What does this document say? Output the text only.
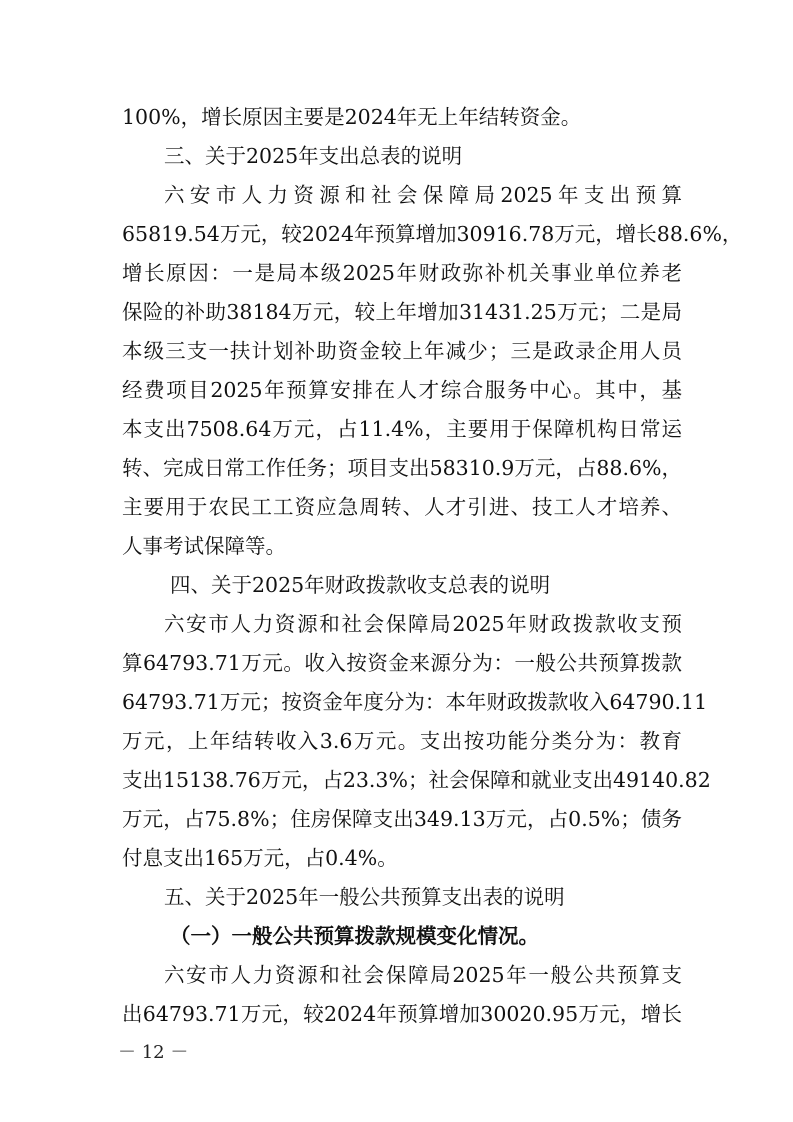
100%，增长原因主要是2024年无上年结转资金。
三、关于2025年支出总表的说明
六安市人力资源和社会保障局2025年支出预算
65819.54万元，较2024年预算增加30916.78万元，增长88.6%，
增长原因：一是局本级2025年财政弥补机关事业单位养老
保险的补助38184万元，较上年增加31431.25万元；二是局
本级三支一扶计划补助资金较上年减少；三是政录企用人员
经费项目2025年预算安排在人才综合服务中心。其中，基
本支出7508.64万元，占11.4%，主要用于保障机构日常运
转、完成日常工作任务；项目支出58310.9万元，占88.6%，
主要用于农民工工资应急周转、人才引进、技工人才培养、
人事考试保障等。
四、关于2025年财政拨款收支总表的说明
六安市人力资源和社会保障局2025年财政拨款收支预
算64793.71万元。收入按资金来源分为：一般公共预算拨款
64793.71万元；按资金年度分为：本年财政拨款收入64790.11
万元，上年结转收入3.6万元。支出按功能分类分为：教育
支出15138.76万元，占23.3%；社会保障和就业支出49140.82
万元，占75.8%；住房保障支出349.13万元，占0.5%；债务
付息支出165万元，占0.4%。
五、关于2025年一般公共预算支出表的说明
（一）一般公共预算拨款规模变化情况。
六安市人力资源和社会保障局2025年一般公共预算支
出64793.71万元，较2024年预算增加30020.95万元，增长
－ 12 －
